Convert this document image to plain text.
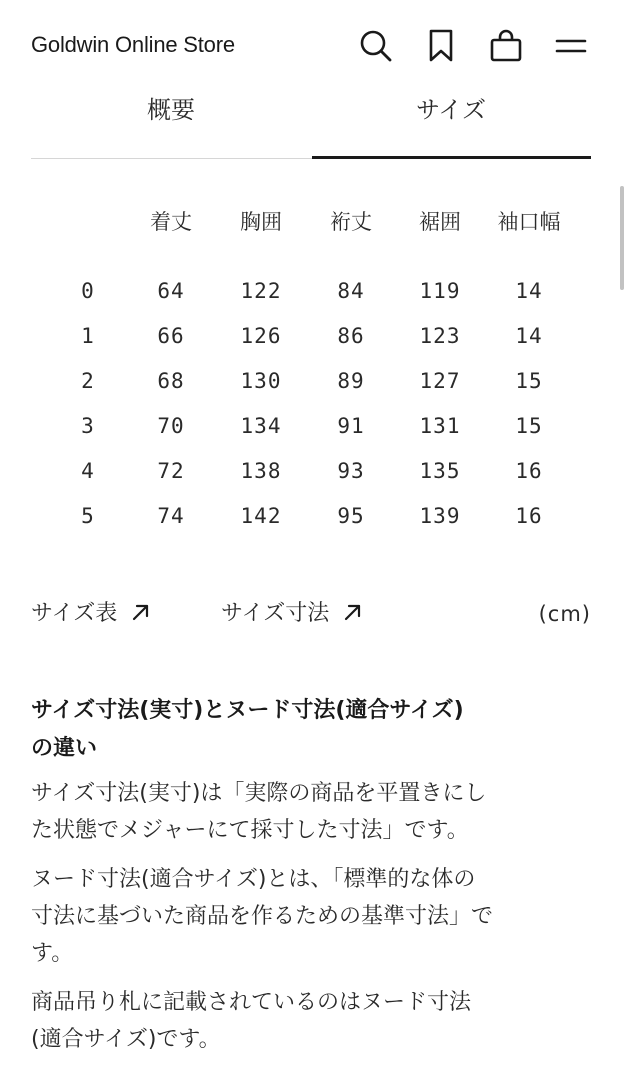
Goldwin Online Store
概要	サイズ
	着丈	胸囲	裄丈	裾囲	袖口幅

0	64	122	84	119	14
1	66	126	86	123	14
2	68	130	89	127	15
3	70	134	91	131	15
4	72	138	93	135	16
5	74	142	95	139	16
サイズ表	サイズ寸法	(cm)
サイズ寸法(実寸)とヌード寸法(適合サイズ)
の違い

サイズ寸法(実寸)は「実際の商品を平置きにし
た状態でメジャーにて採寸した寸法」です。

ヌード寸法(適合サイズ)とは、「標準的な体の
寸法に基づいた商品を作るための基準寸法」で
す。

商品吊り札に記載されているのはヌード寸法
(適合サイズ)です。
